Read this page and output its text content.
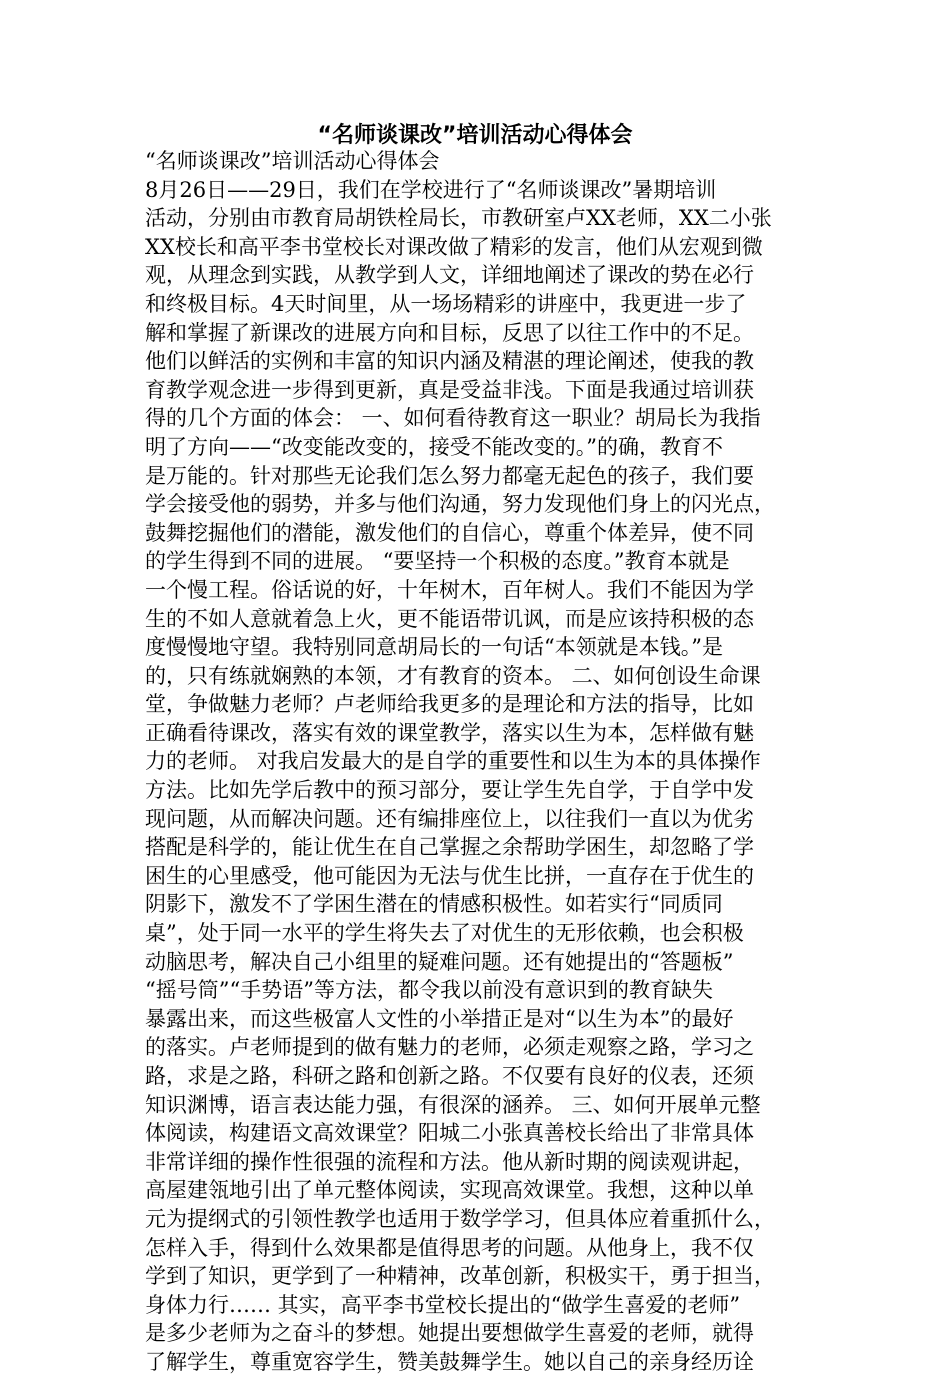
“名师谈课改”培训活动心得体会
“名师谈课改”培训活动心得体会
8月26日——29日，我们在学校进行了“名师谈课改”暑期培训
活动，分别由市教育局胡铁栓局长，市教研室卢XX老师，XX二小张
XX校长和高平李书堂校长对课改做了精彩的发言，他们从宏观到微
观，从理念到实践，从教学到人文，详细地阐述了课改的势在必行
和终极目标。4天时间里，从一场场精彩的讲座中，我更进一步了
解和掌握了新课改的进展方向和目标，反思了以往工作中的不足。
他们以鲜活的实例和丰富的知识内涵及精湛的理论阐述，使我的教
育教学观念进一步得到更新，真是受益非浅。下面是我通过培训获
得的几个方面的体会： 一、如何看待教育这一职业？胡局长为我指
明了方向——“改变能改变的，接受不能改变的。”的确，教育不
是万能的。针对那些无论我们怎么努力都毫无起色的孩子，我们要
学会接受他的弱势，并多与他们沟通，努力发现他们身上的闪光点，
鼓舞挖掘他们的潜能，激发他们的自信心，尊重个体差异，使不同
的学生得到不同的进展。 “要坚持一个积极的态度。”教育本就是
一个慢工程。俗话说的好，十年树木，百年树人。我们不能因为学
生的不如人意就着急上火，更不能语带讥讽，而是应该持积极的态
度慢慢地守望。我特别同意胡局长的一句话“本领就是本钱。”是
的，只有练就娴熟的本领，才有教育的资本。 二、如何创设生命课
堂，争做魅力老师？卢老师给我更多的是理论和方法的指导，比如
正确看待课改，落实有效的课堂教学，落实以生为本，怎样做有魅
力的老师。 对我启发最大的是自学的重要性和以生为本的具体操作
方法。比如先学后教中的预习部分，要让学生先自学，于自学中发
现问题，从而解决问题。还有编排座位上，以往我们一直以为优劣
搭配是科学的，能让优生在自己掌握之余帮助学困生，却忽略了学
困生的心里感受，他可能因为无法与优生比拼，一直存在于优生的
阴影下，激发不了学困生潜在的情感积极性。如若实行“同质同
桌”，处于同一水平的学生将失去了对优生的无形依赖，也会积极
动脑思考，解决自己小组里的疑难问题。还有她提出的“答题板”
“摇号筒”“手势语”等方法，都令我以前没有意识到的教育缺失
暴露出来，而这些极富人文性的小举措正是对“以生为本”的最好
的落实。卢老师提到的做有魅力的老师，必须走观察之路，学习之
路，求是之路，科研之路和创新之路。不仅要有良好的仪表，还须
知识渊博，语言表达能力强，有很深的涵养。 三、如何开展单元整
体阅读，构建语文高效课堂？阳城二小张真善校长给出了非常具体
非常详细的操作性很强的流程和方法。他从新时期的阅读观讲起，
高屋建瓴地引出了单元整体阅读，实现高效课堂。我想，这种以单
元为提纲式的引领性教学也适用于数学学习，但具体应着重抓什么，
怎样入手，得到什么效果都是值得思考的问题。从他身上，我不仅
学到了知识，更学到了一种精神，改革创新，积极实干，勇于担当，
身体力行…… 其实，高平李书堂校长提出的“做学生喜爱的老师”
是多少老师为之奋斗的梦想。她提出要想做学生喜爱的老师，就得
了解学生，尊重宽容学生，赞美鼓舞学生。她以自己的亲身经历诠
